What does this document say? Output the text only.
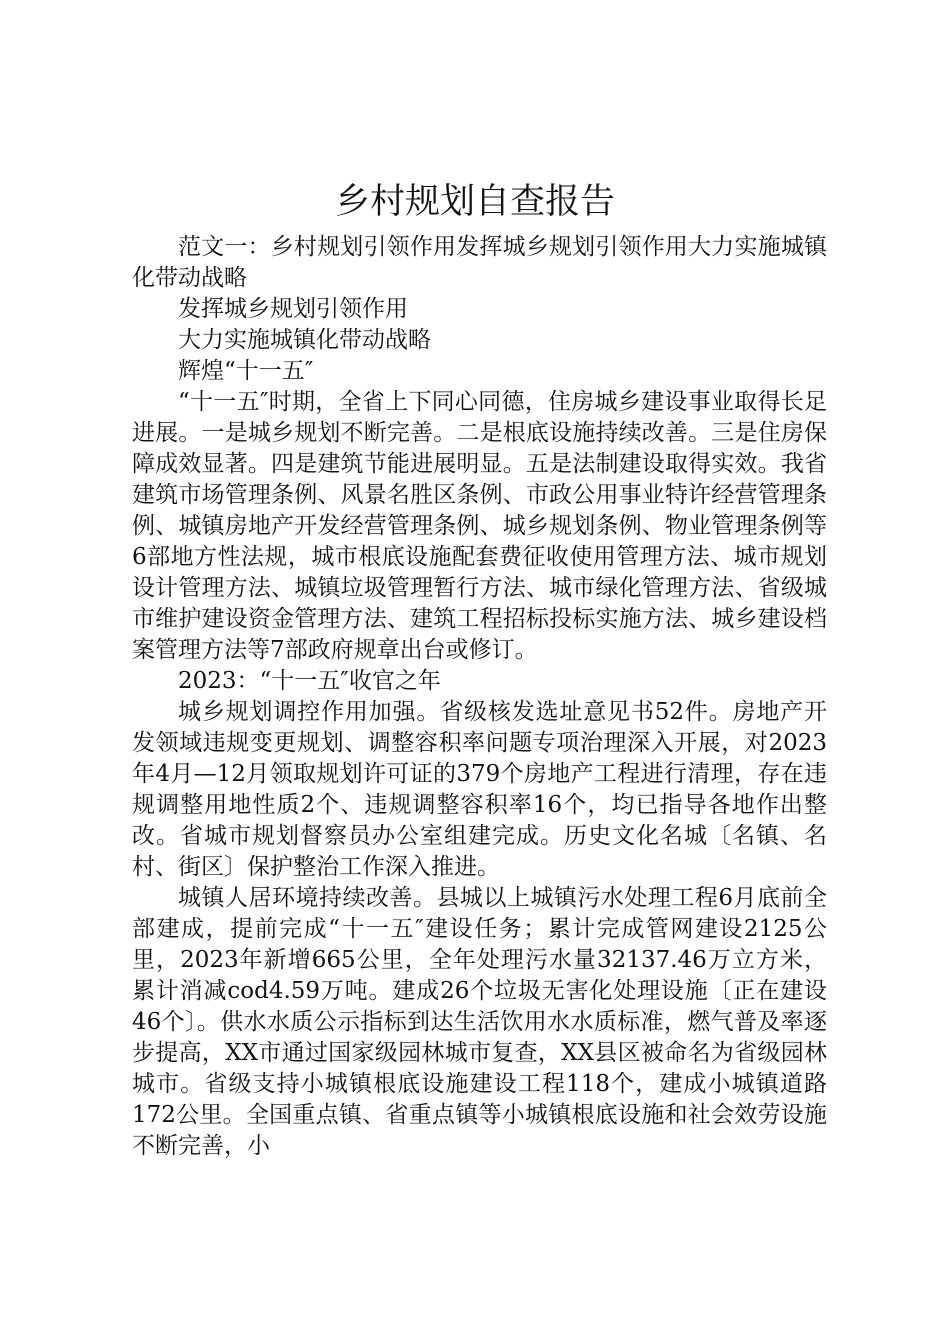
乡村规划自查报告

范文一：乡村规划引领作用发挥城乡规划引领作用大力实施城镇化带动战略

发挥城乡规划引领作用

大力实施城镇化带动战略

辉煌“十一五″

“十一五″时期，全省上下同心同德，住房城乡建设事业取得长足进展。一是城乡规划不断完善。二是根底设施持续改善。三是住房保障成效显著。四是建筑节能进展明显。五是法制建设取得实效。我省建筑市场管理条例、风景名胜区条例、市政公用事业特许经营管理条例、城镇房地产开发经营管理条例、城乡规划条例、物业管理条例等6部地方性法规，城市根底设施配套费征收使用管理方法、城市规划设计管理方法、城镇垃圾管理暂行方法、城市绿化管理方法、省级城市维护建设资金管理方法、建筑工程招标投标实施方法、城乡建设档案管理方法等7部政府规章出台或修订。

2023：“十一五″收官之年

城乡规划调控作用加强。省级核发选址意见书52件。房地产开发领域违规变更规划、调整容积率问题专项治理深入开展，对2023年4月—12月领取规划许可证的379个房地产工程进行清理，存在违规调整用地性质2个、违规调整容积率16个，均已指导各地作出整改。省城市规划督察员办公室组建完成。历史文化名城〔名镇、名村、街区〕保护整治工作深入推进。

城镇人居环境持续改善。县城以上城镇污水处理工程6月底前全部建成，提前完成“十一五″建设任务；累计完成管网建设2125公里，2023年新增665公里，全年处理污水量32137.46万立方米，累计消减cod4.59万吨。建成26个垃圾无害化处理设施〔正在建设46个〕。供水水质公示指标到达生活饮用水水质标准，燃气普及率逐步提高，XX市通过国家级园林城市复查，XX县区被命名为省级园林城市。省级支持小城镇根底设施建设工程118个，建成小城镇道路172公里。全国重点镇、省重点镇等小城镇根底设施和社会效劳设施不断完善，小
